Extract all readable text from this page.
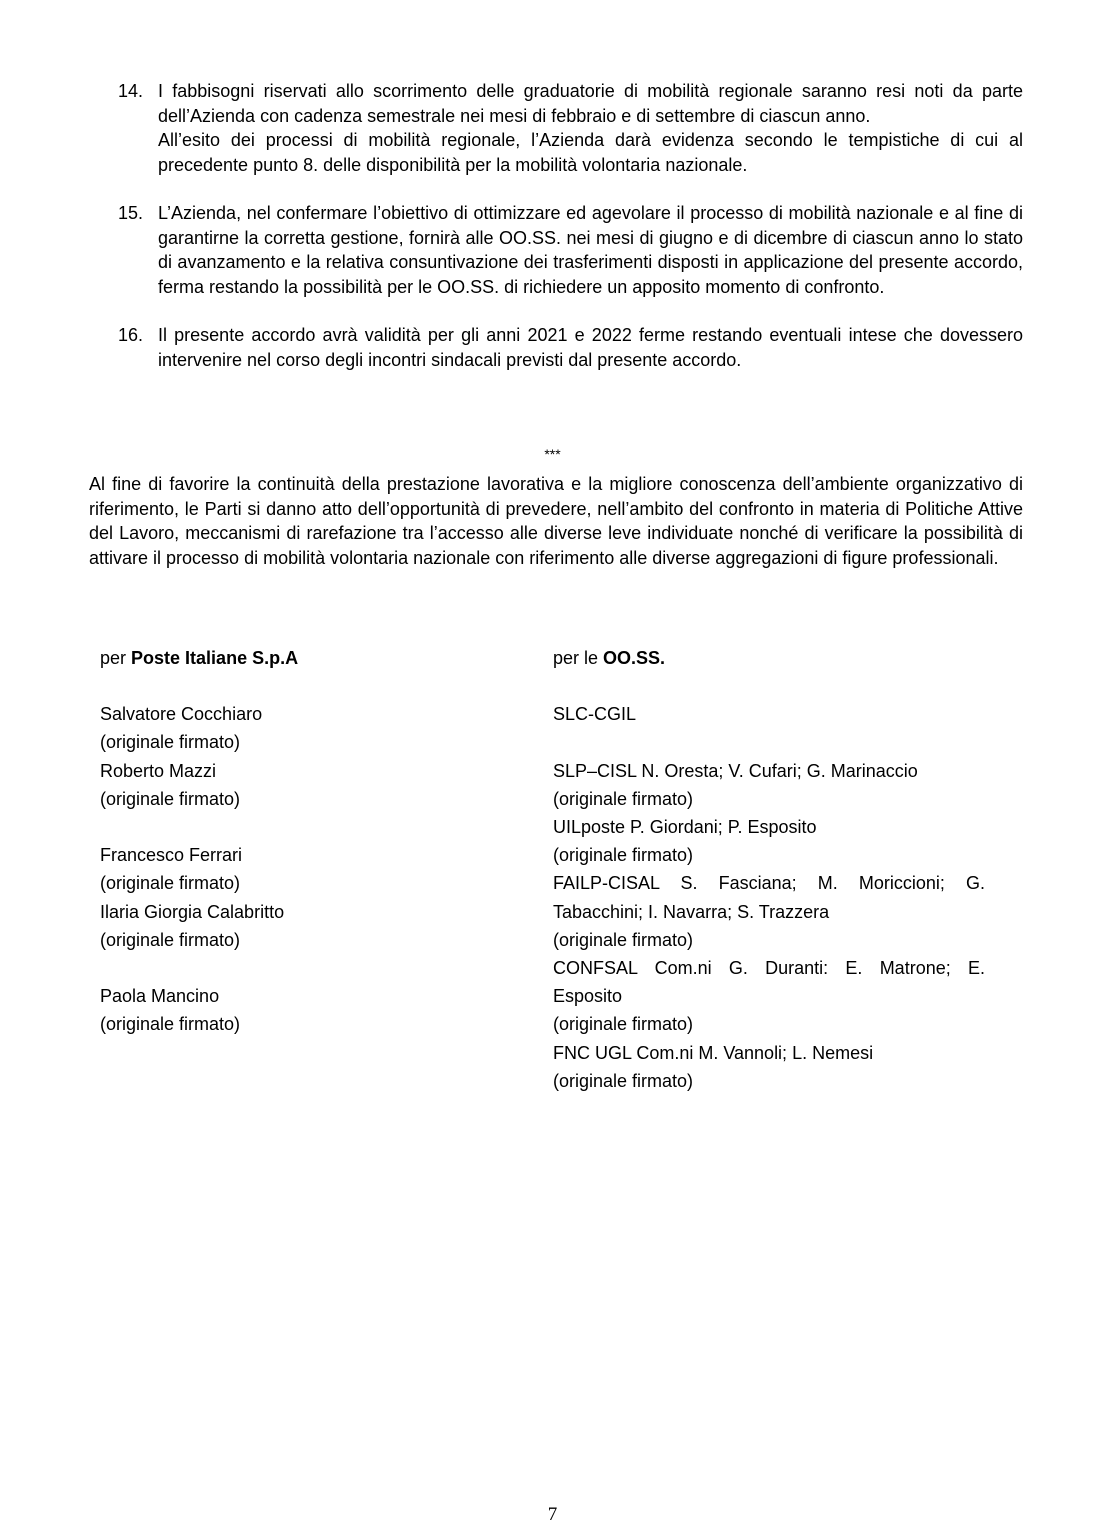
14. I fabbisogni riservati allo scorrimento delle graduatorie di mobilità regionale saranno resi noti da parte dell’Azienda con cadenza semestrale nei mesi di febbraio e di settembre di ciascun anno.

All’esito dei processi di mobilità regionale, l’Azienda darà evidenza secondo le tempistiche di cui al precedente punto 8. delle disponibilità per la mobilità volontaria nazionale.

15. L’Azienda, nel confermare l’obiettivo di ottimizzare ed agevolare il processo di mobilità nazionale e al fine di garantirne la corretta gestione, fornirà alle OO.SS. nei mesi di giugno e di dicembre di ciascun anno lo stato di avanzamento e la relativa consuntivazione dei trasferimenti disposti in applicazione del presente accordo, ferma restando la possibilità per le OO.SS. di richiedere un apposito momento di confronto.

16. Il presente accordo avrà validità per gli anni 2021 e 2022 ferme restando eventuali intese che dovessero intervenire nel corso degli incontri sindacali previsti dal presente accordo.

***

Al fine di favorire la continuità della prestazione lavorativa e la migliore conoscenza dell’ambiente organizzativo di riferimento, le Parti si danno atto dell’opportunità di prevedere, nell’ambito del confronto in materia di Politiche Attive del Lavoro, meccanismi di rarefazione tra l’accesso alle diverse leve individuate nonché di verificare la possibilità di attivare il processo di mobilità volontaria nazionale con riferimento alle diverse aggregazioni di figure professionali.

per Poste Italiane S.p.A

Salvatore Cocchiaro

(originale firmato)

Roberto Mazzi

(originale firmato)

Francesco Ferrari

(originale firmato)

Ilaria Giorgia Calabritto

(originale firmato)

Paola Mancino

(originale firmato)

per le OO.SS.

SLC-CGIL

SLP–CISL N. Oresta; V. Cufari; G. Marinaccio

(originale firmato)

UILposte P. Giordani; P. Esposito

(originale firmato)

FAILP-CISAL S. Fasciana; M. Moriccioni; G. Tabacchini; I. Navarra; S. Trazzera

(originale firmato)

CONFSAL Com.ni G. Duranti: E. Matrone; E. Esposito

(originale firmato)

FNC UGL Com.ni M. Vannoli; L. Nemesi

(originale firmato)

7
